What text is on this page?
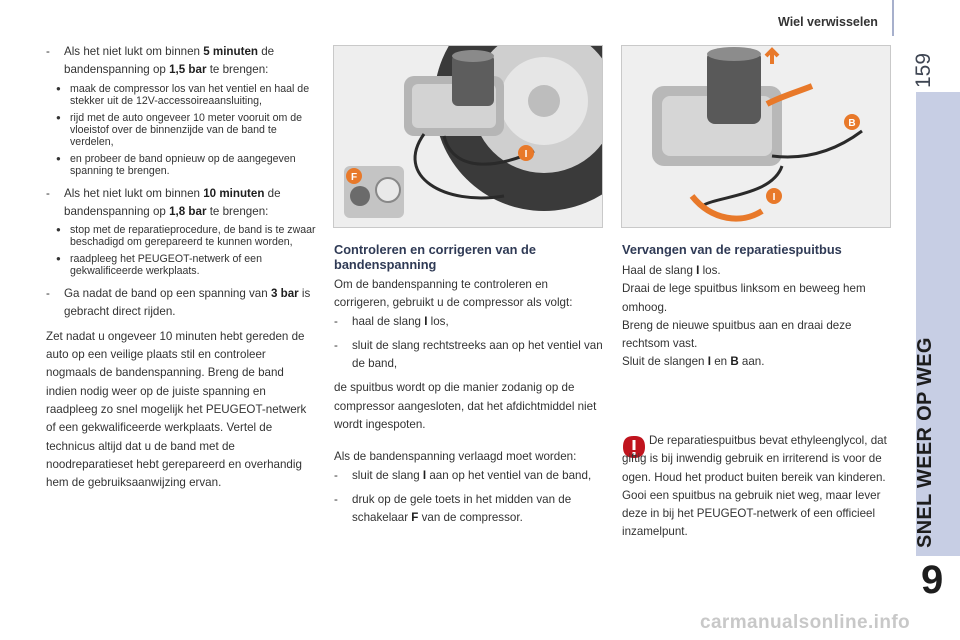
Wiel verwisselen
159
SNEL WEER OP WEG
9
- Als het niet lukt om binnen 5 minuten de bandenspanning op 1,5 bar te brengen:
● maak de compressor los van het ventiel en haal de stekker uit de 12V-accessoireaansluiting,
● rijd met de auto ongeveer 10 meter vooruit om de vloeistof over de binnenzijde van de band te verdelen,
● en probeer de band opnieuw op de aangegeven spanning te brengen.
- Als het niet lukt om binnen 10 minuten de bandenspanning op 1,8 bar te brengen:
● stop met de reparatieprocedure, de band is te zwaar beschadigd om gerepareerd te kunnen worden,
● raadpleeg het PEUGEOT-netwerk of een gekwalificeerde werkplaats.
- Ga nadat de band op een spanning van 3 bar is gebracht direct rijden.
Zet nadat u ongeveer 10 minuten hebt gereden de auto op een veilige plaats stil en controleer nogmaals de bandenspanning. Breng de band indien nodig weer op de juiste spanning en raadpleeg zo snel mogelijk het PEUGEOT-netwerk of een gekwalificeerde werkplaats. Vertel de technicus altijd dat u de band met de noodreparatieset hebt gerepareerd en overhandig hem de gebruiksaanwijzing ervan.
I
F
B
I
Controleren en corrigeren van de bandenspanning
Om de bandenspanning te controleren en corrigeren, gebruikt u de compressor als volgt:
- haal de slang I los,
- sluit de slang rechtstreeks aan op het ventiel van de band,
de spuitbus wordt op die manier zodanig op de compressor aangesloten, dat het afdichtmiddel niet wordt ingespoten.
Als de bandenspanning verlaagd moet worden:
- sluit de slang I aan op het ventiel van de band,
- druk op de gele toets in het midden van de schakelaar F van de compressor.
Vervangen van de reparatiespuitbus
Haal de slang I los.
Draai de lege spuitbus linksom en beweeg hem omhoog.
Breng de nieuwe spuitbus aan en draai deze rechtsom vast.
Sluit de slangen I en B aan.
De reparatiespuitbus bevat ethyleenglycol, dat giftig is bij inwendig gebruik en irriterend is voor de ogen. Houd het product buiten bereik van kinderen. Gooi een spuitbus na gebruik niet weg, maar lever deze in bij het PEUGEOT-netwerk of een officieel inzamelpunt.
carmanualsonline.info
